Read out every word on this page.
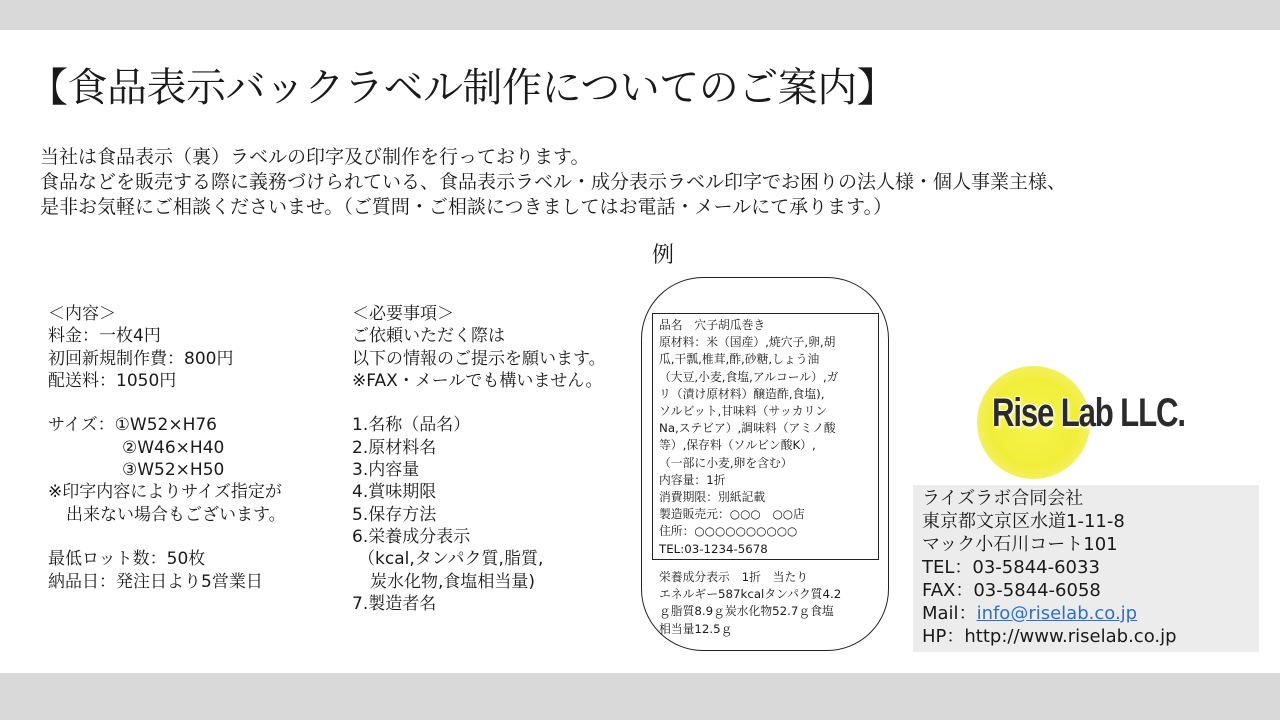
【食品表示バックラベル制作についてのご案内】
当社は食品表示（裏）ラベルの印字及び制作を行っております。
食品などを販売する際に義務づけられている、食品表示ラベル・成分表示ラベル印字でお困りの法人様・個人事業主様、
是非お気軽にご相談くださいませ。（ご質問・ご相談につきましてはお電話・メールにて承ります。）
＜内容＞
料金：一枚4円
初回新規制作費：800円
配送料：1050円
サイズ：①W52×H76
②W46×H40
③W52×H50
※印字内容によりサイズ指定が
出来ない場合もございます。
最低ロット数：50枚
納品日：発注日より5営業日
＜必要事項＞
ご依頼いただく際は
以下の情報のご提示を願います。
※FAX・メールでも構いません。
1.名称（品名）
2.原材料名
3.内容量
4.賞味期限
5.保存方法
6.栄養成分表示
（kcal,タンパク質,脂質,
炭水化物,食塩相当量)
7.製造者名
例
品名　穴子胡瓜巻き
原材料：米（国産）,焼穴子,卵,胡
瓜,干瓢,椎茸,酢,砂糖,しょう油
（大豆,小麦,食塩,アルコール）,ガ
リ（漬け原材料）醸造酢,食塩),
ソルビット,甘味料（サッカリン
Na,ステビア）,調味料（アミノ酸
等）,保存料（ソルビン酸K）,
（一部に小麦,卵を含む）
内容量：1折
消費期限：別紙記載
製造販売元：○○○　○○店
住所：○○○○○○○○○○
TEL:03-1234-5678
栄養成分表示　1折　当たり
エネルギー587kcalタンパク質4.2
ｇ脂質8.9ｇ炭水化物52.7ｇ食塩
相当量12.5ｇ
Rise Lab LLC.
ライズラボ合同会社
東京都文京区水道1-11-8
マック小石川コート101
TEL：03-5844-6033
FAX：03-5844-6058
Mail：info@riselab.co.jp
HP：http://www.riselab.co.jp
